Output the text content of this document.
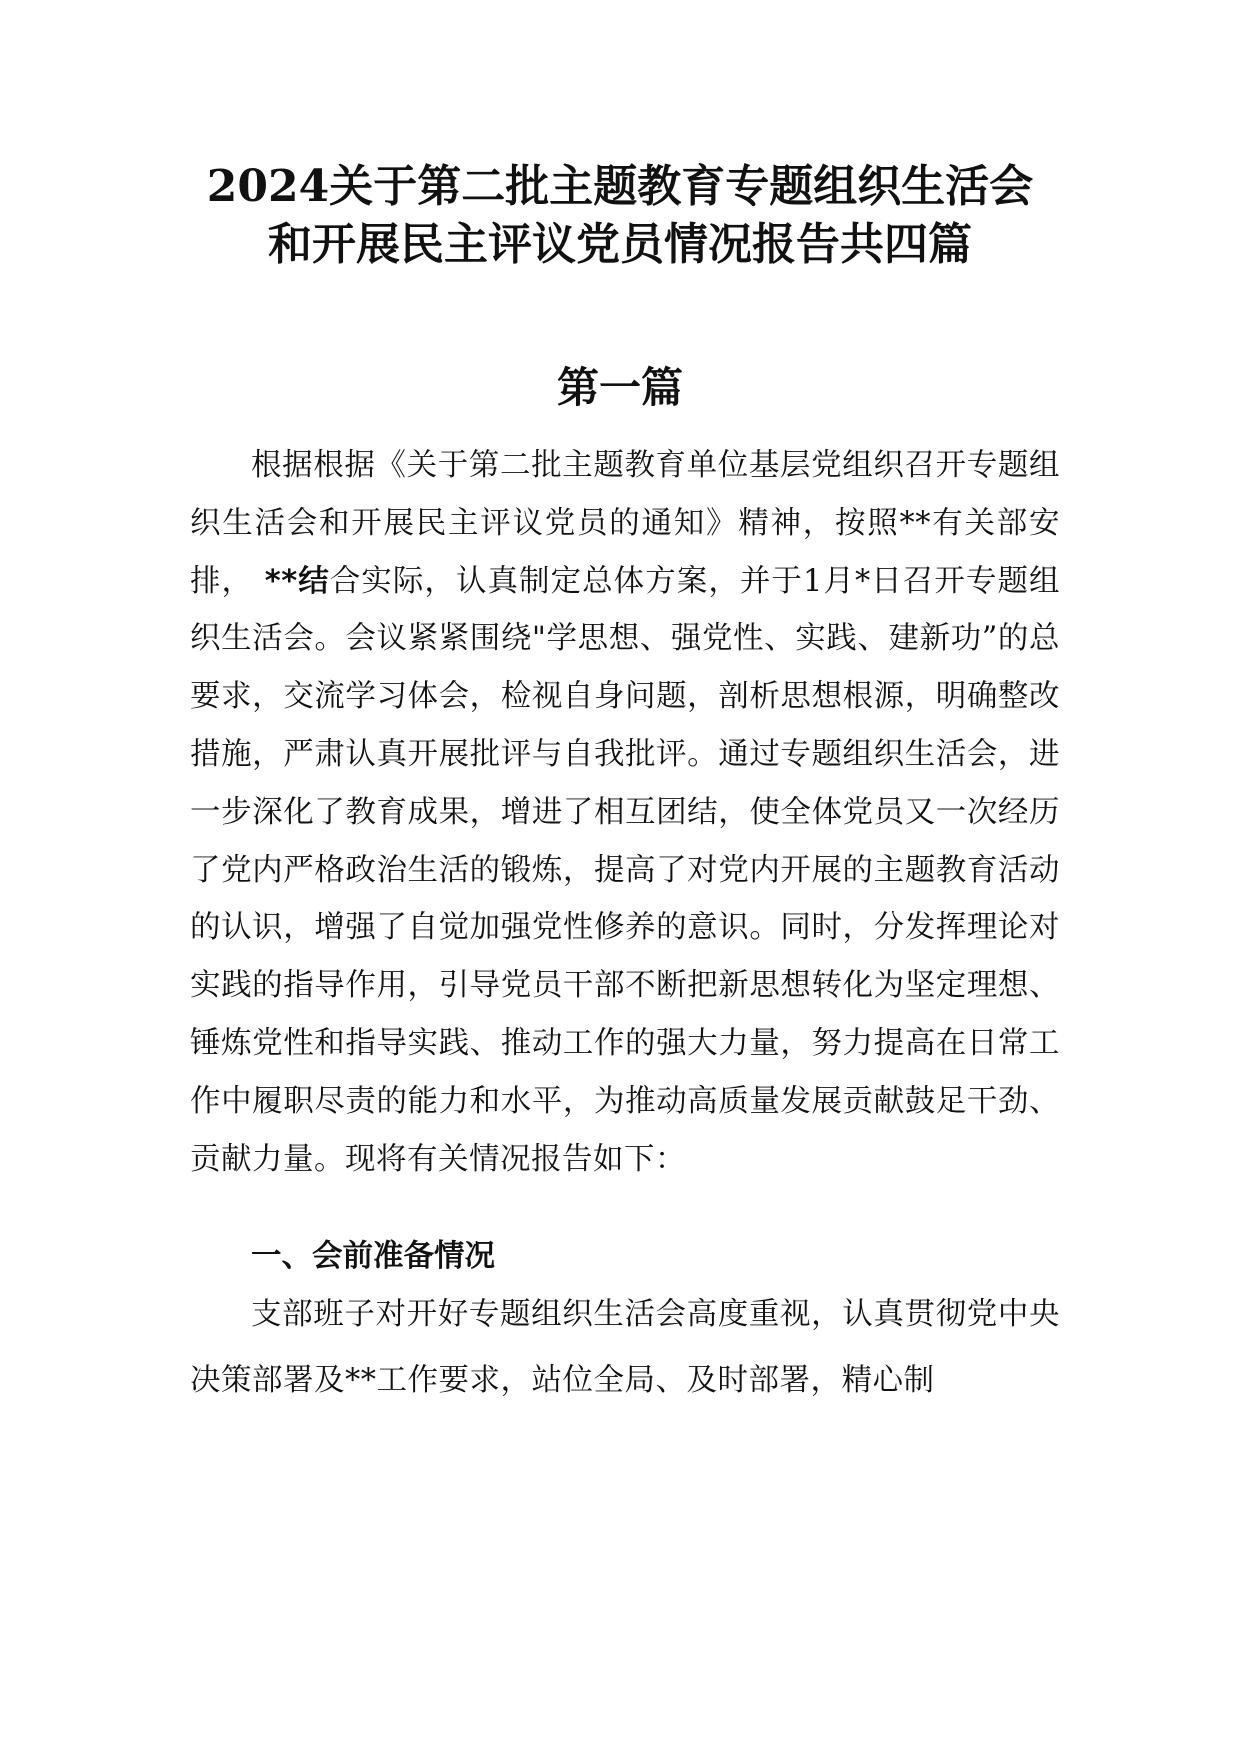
2024关于第二批主题教育专题组织生活会
和开展民主评议党员情况报告共四篇
第一篇

根据根据《关于第二批主题教育单位基层党组织召开专题组织生活会和开展民主评议党员的通知》精神，按照**有关部安排， **结合实际，认真制定总体方案，并于1月*日召开专题组织生活会。会议紧紧围绕"学思想、强党性、实践、建新功”的总要求，交流学习体会，检视自身问题，剖析思想根源，明确整改措施，严肃认真开展批评与自我批评。通过专题组织生活会，进一步深化了教育成果，增进了相互团结，使全体党员又一次经历了党内严格政治生活的锻炼，提高了对党内开展的主题教育活动的认识，增强了自觉加强党性修养的意识。同时，分发挥理论对实践的指导作用，引导党员干部不断把新思想转化为坚定理想、锤炼党性和指导实践、推动工作的强大力量，努力提高在日常工作中履职尽责的能力和水平，为推动高质量发展贡献鼓足干劲、贡献力量。现将有关情况报告如下：

一、会前准备情况

支部班子对开好专题组织生活会高度重视，认真贯彻党中央决策部署及**工作要求，站位全局、及时部署，精心制
